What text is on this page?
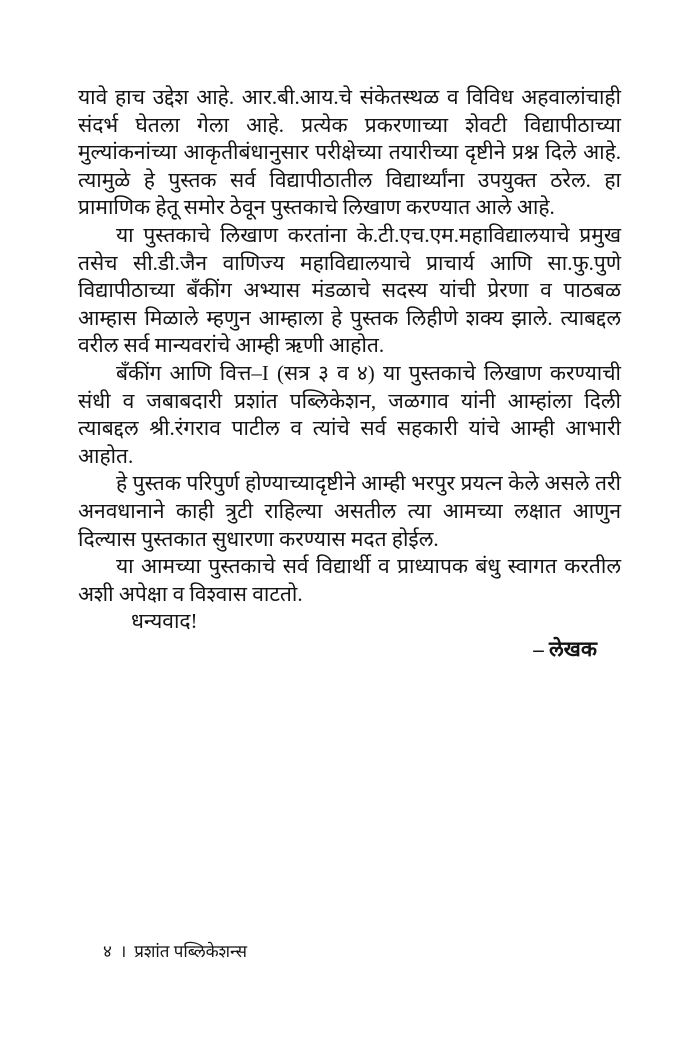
यावे हाच उद्देश आहे. आर.बी.आय.चे संकेतस्थळ व विविध अहवालांचाही संदर्भ घेतला गेला आहे. प्रत्येक प्रकरणाच्या शेवटी विद्यापीठाच्या मुल्यांकनांच्या आकृतीबंधानुसार परीक्षेच्या तयारीच्या दृष्टीने प्रश्न दिले आहे. त्यामुळे हे पुस्तक सर्व विद्यापीठातील विद्यार्थ्यांना उपयुक्त ठरेल. हा प्रामाणिक हेतू समोर ठेवून पुस्तकाचे लिखाण करण्यात आले आहे.

या पुस्तकाचे लिखाण करतांना के.टी.एच.एम.महाविद्यालयाचे प्रमुख तसेच सी.डी.जैन वाणिज्य महाविद्यालयाचे प्राचार्य आणि सा.फु.पुणे विद्यापीठाच्या बँकींग अभ्यास मंडळाचे सदस्य यांची प्रेरणा व पाठबळ आम्हास मिळाले म्हणुन आम्हाला हे पुस्तक लिहीणे शक्य झाले. त्याबद्दल वरील सर्व मान्यवरांचे आम्ही ऋणी आहोत.

बँकींग आणि वित्त–I (सत्र ३ व ४) या पुस्तकाचे लिखाण करण्याची संधी व जबाबदारी प्रशांत पब्लिकेशन, जळगाव यांनी आम्हांला दिली त्याबद्दल श्री.रंगराव पाटील व त्यांचे सर्व सहकारी यांचे आम्ही आभारी आहोत.

हे पुस्तक परिपुर्ण होण्याच्यादृष्टीने आम्ही भरपुर प्रयत्न केले असले तरी अनवधानाने काही त्रुटी राहिल्या असतील त्या आमच्या लक्षात आणुन दिल्यास पुस्तकात सुधारणा करण्यास मदत होईल.

या आमच्या पुस्तकाचे सर्व विद्यार्थी व प्राध्यापक बंधु स्वागत करतील अशी अपेक्षा व विश्वास वाटतो.

धन्यवाद!

– लेखक

४ । प्रशांत पब्लिकेशन्स
